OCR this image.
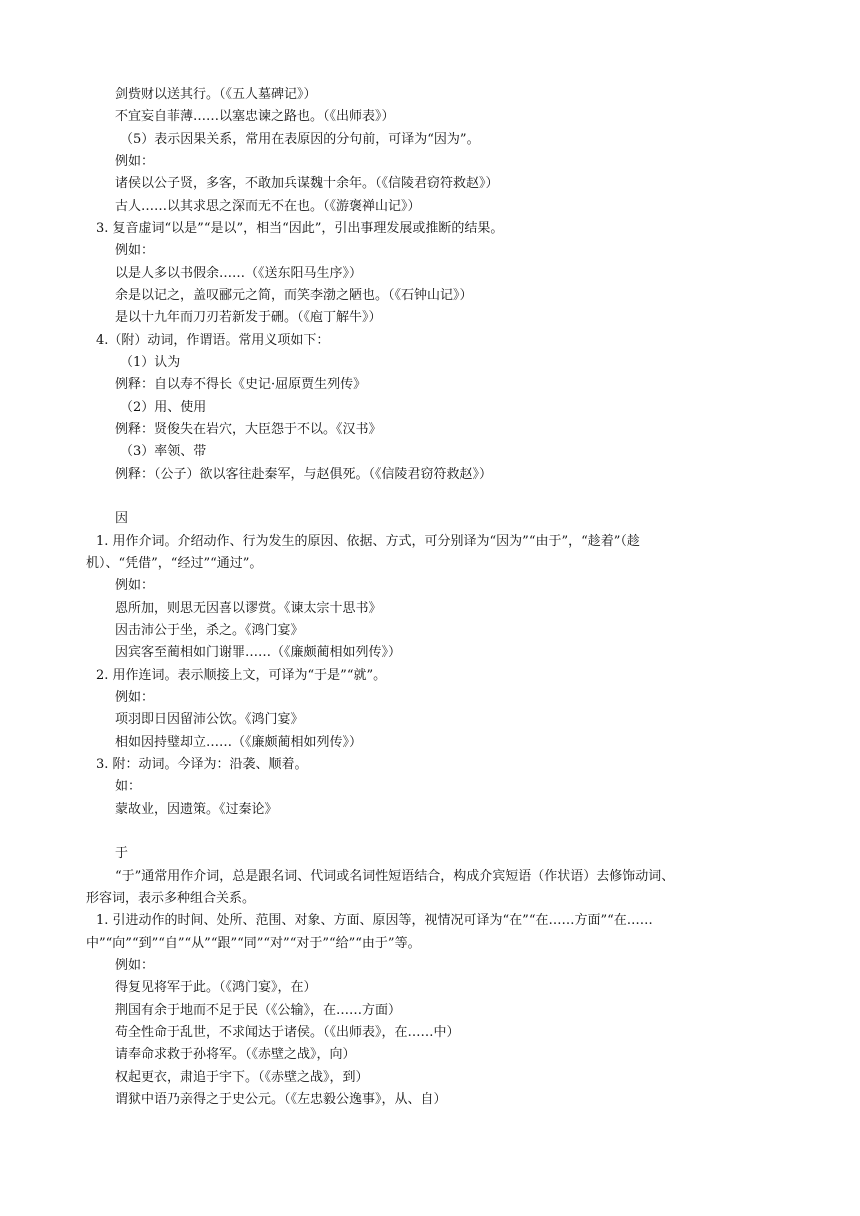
剑赀财以送其行。（《五人墓碑记》）
不宜妄自菲薄……以塞忠谏之路也。（《出师表》）
（5）表示因果关系，常用在表原因的分句前，可译为“因为”。
例如：
诸侯以公子贤，多客，不敢加兵谋魏十余年。（《信陵君窃符救赵》）
古人……以其求思之深而无不在也。（《游褒禅山记》）
3. 复音虚词“以是”“是以”，相当“因此”，引出事理发展或推断的结果。
例如：
以是人多以书假余……（《送东阳马生序》）
余是以记之，盖叹郦元之简，而笑李渤之陋也。（《石钟山记》）
是以十九年而刀刃若新发于硎。（《庖丁解牛》）
4.（附）动词，作谓语。常用义项如下：
（1）认为
例释：自以寿不得长《史记·屈原贾生列传》
（2）用、使用
例释：贤俊失在岩穴，大臣怨于不以。《汉书》
（3）率领、带
例释：（公子）欲以客往赴秦军，与赵俱死。（《信陵君窃符救赵》）
因
1. 用作介词。介绍动作、行为发生的原因、依据、方式，可分别译为“因为”“由于”，“趁着”（趁
机）、“凭借”，“经过”“通过”。
例如：
恩所加，则思无因喜以谬赏。《谏太宗十思书》
因击沛公于坐，杀之。《鸿门宴》
因宾客至蔺相如门谢罪……（《廉颇蔺相如列传》）
2. 用作连词。表示顺接上文，可译为“于是”“就”。
例如：
项羽即日因留沛公饮。《鸿门宴》
相如因持璧却立……（《廉颇蔺相如列传》）
3. 附：动词。今译为：沿袭、顺着。
如：
蒙故业，因遗策。《过秦论》
于
“于”通常用作介词，总是跟名词、代词或名词性短语结合，构成介宾短语（作状语）去修饰动词、
形容词，表示多种组合关系。
1. 引进动作的时间、处所、范围、对象、方面、原因等，视情况可译为“在”“在……方面”“在……
中”“向”“到”“自”“从”“跟”“同”“对”“对于”“给”“由于”等。
例如：
得复见将军于此。（《鸿门宴》，在）
荆国有余于地而不足于民（《公输》，在……方面）
苟全性命于乱世，不求闻达于诸侯。（《出师表》，在……中）
请奉命求救于孙将军。（《赤壁之战》，向）
权起更衣，肃追于宇下。（《赤壁之战》，到）
谓狱中语乃亲得之于史公元。（《左忠毅公逸事》，从、自）
